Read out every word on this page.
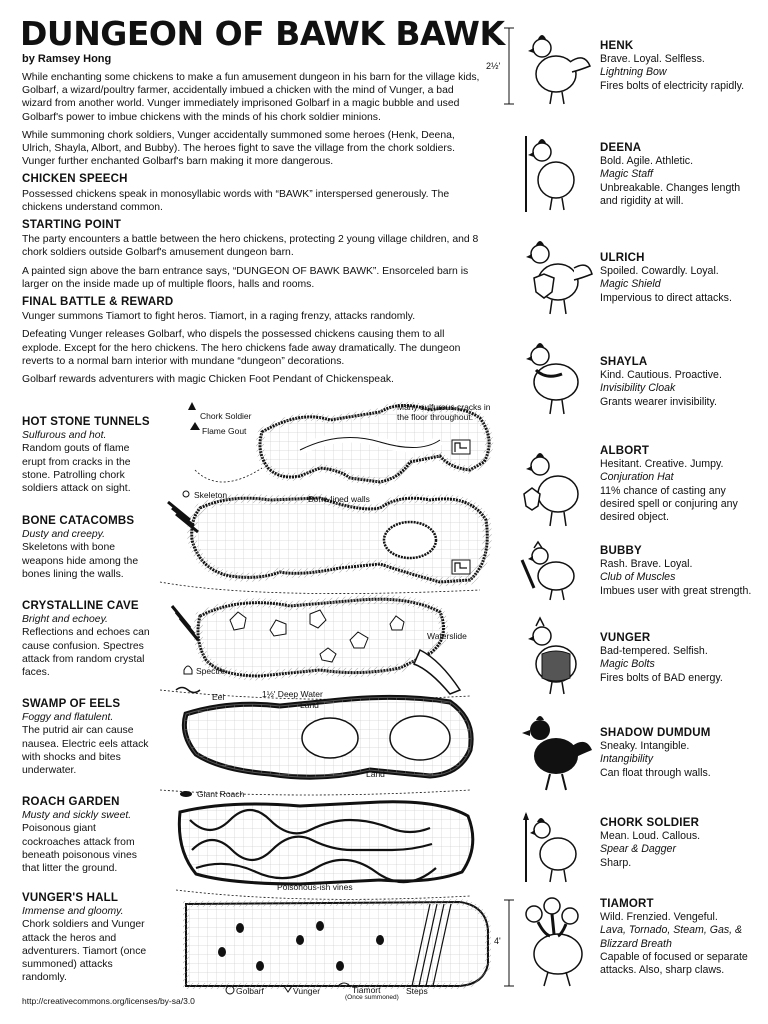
DUNGEON OF BAWK BAWK
by Ramsey Hong

While enchanting some chickens to make a fun amusement dungeon in his barn for the village kids, Golbarf, a wizard/poultry farmer, accidentally imbued a chicken with the mind of Vunger, a bad wizard from another world. Vunger immediately imprisoned Golbarf in a magic bubble and used Golbarf's power to imbue chickens with the minds of his chork soldier minions.

While summoning chork soldiers, Vunger accidentally summoned some heroes (Henk, Deena, Ulrich, Shayla, Albort, and Bubby). The heroes fight to save the village from the chork soldiers. Vunger further enchanted Golbarf's barn making it more dangerous.

CHICKEN SPEECH

Possessed chickens speak in monosyllabic words with “BAWK” interspersed generously. The chickens understand common.

STARTING POINT

The party encounters a battle between the hero chickens, protecting 2 young village children, and 8 chork soldiers outside Golbarf's amusement dungeon barn.

A painted sign above the barn entrance says, “DUNGEON OF BAWK BAWK”. Ensorceled barn is larger on the inside made up of multiple floors, halls and rooms.

FINAL BATTLE & REWARD

Vunger summons Tiamort to fight heros. Tiamort, in a raging frenzy, attacks randomly.

Defeating Vunger releases Golbarf, who dispels the possessed chickens causing them to all explode. Except for the hero chickens. The hero chickens fade away dramatically. The dungeon reverts to a normal barn interior with mundane “dungeon” decorations.

Golbarf rewards adventurers with magic Chicken Foot Pendant of Chickenspeak.

HOT STONE TUNNELS
Sulfurous and hot.
Random gouts of flame erupt from cracks in the stone. Patrolling chork soldiers attack on sight.
BONE CATACOMBS
Dusty and creepy.
Skeletons with bone weapons hide among the bones lining the walls.
CRYSTALLINE CAVE
Bright and echoey.
Reflections and echoes can cause confusion. Spectres attack from random crystal faces.
SWAMP OF EELS
Foggy and flatulent.
The putrid air can cause nausea. Electric eels attack with shocks and bites underwater.
ROACH GARDEN
Musty and sickly sweet.
Poisonous giant cockroaches attack from beneath poisonous vines that litter the ground.
VUNGER'S HALL
Immense and gloomy.
Chork soldiers and Vunger attack the heros and adventurers. Tiamort (once summoned) attacks randomly.
Chork Soldier
Flame Gout
Many sulfurous cracks in the floor throughout.
Skeleton	Bone-lined walls
Waterslide
Spectre
Eel	1½' Deep Water
Land
Land
Giant Roach
Poisonous-ish vines
Golbarf	Vunger	Tiamort
(Once summoned)
Steps
2½'
4'
HENK
Brave. Loyal. Selfless.
Lightning Bow
Fires bolts of electricity rapidly.
DEENA
Bold. Agile. Athletic.
Magic Staff
Unbreakable. Changes length and rigidity at will.
ULRICH
Spoiled. Cowardly. Loyal.
Magic Shield
Impervious to direct attacks.
SHAYLA
Kind. Cautious. Proactive.
Invisibility Cloak
Grants wearer invisibility.
ALBORT
Hesitant. Creative. Jumpy.
Conjuration Hat
11% chance of casting any desired spell or conjuring any desired object.
BUBBY
Rash. Brave. Loyal.
Club of Muscles
Imbues user with great strength.
VUNGER
Bad-tempered. Selfish.
Magic Bolts
Fires bolts of BAD energy.
SHADOW DUMDUM
Sneaky. Intangible.
Intangibility
Can float through walls.
CHORK SOLDIER
Mean. Loud. Callous.
Spear & Dagger
Sharp.
TIAMORT
Wild. Frenzied. Vengeful.
Lava, Tornado, Steam, Gas, & Blizzard Breath
Capable of focused or separate attacks. Also, sharp claws.
http://creativecommons.org/licenses/by-sa/3.0
